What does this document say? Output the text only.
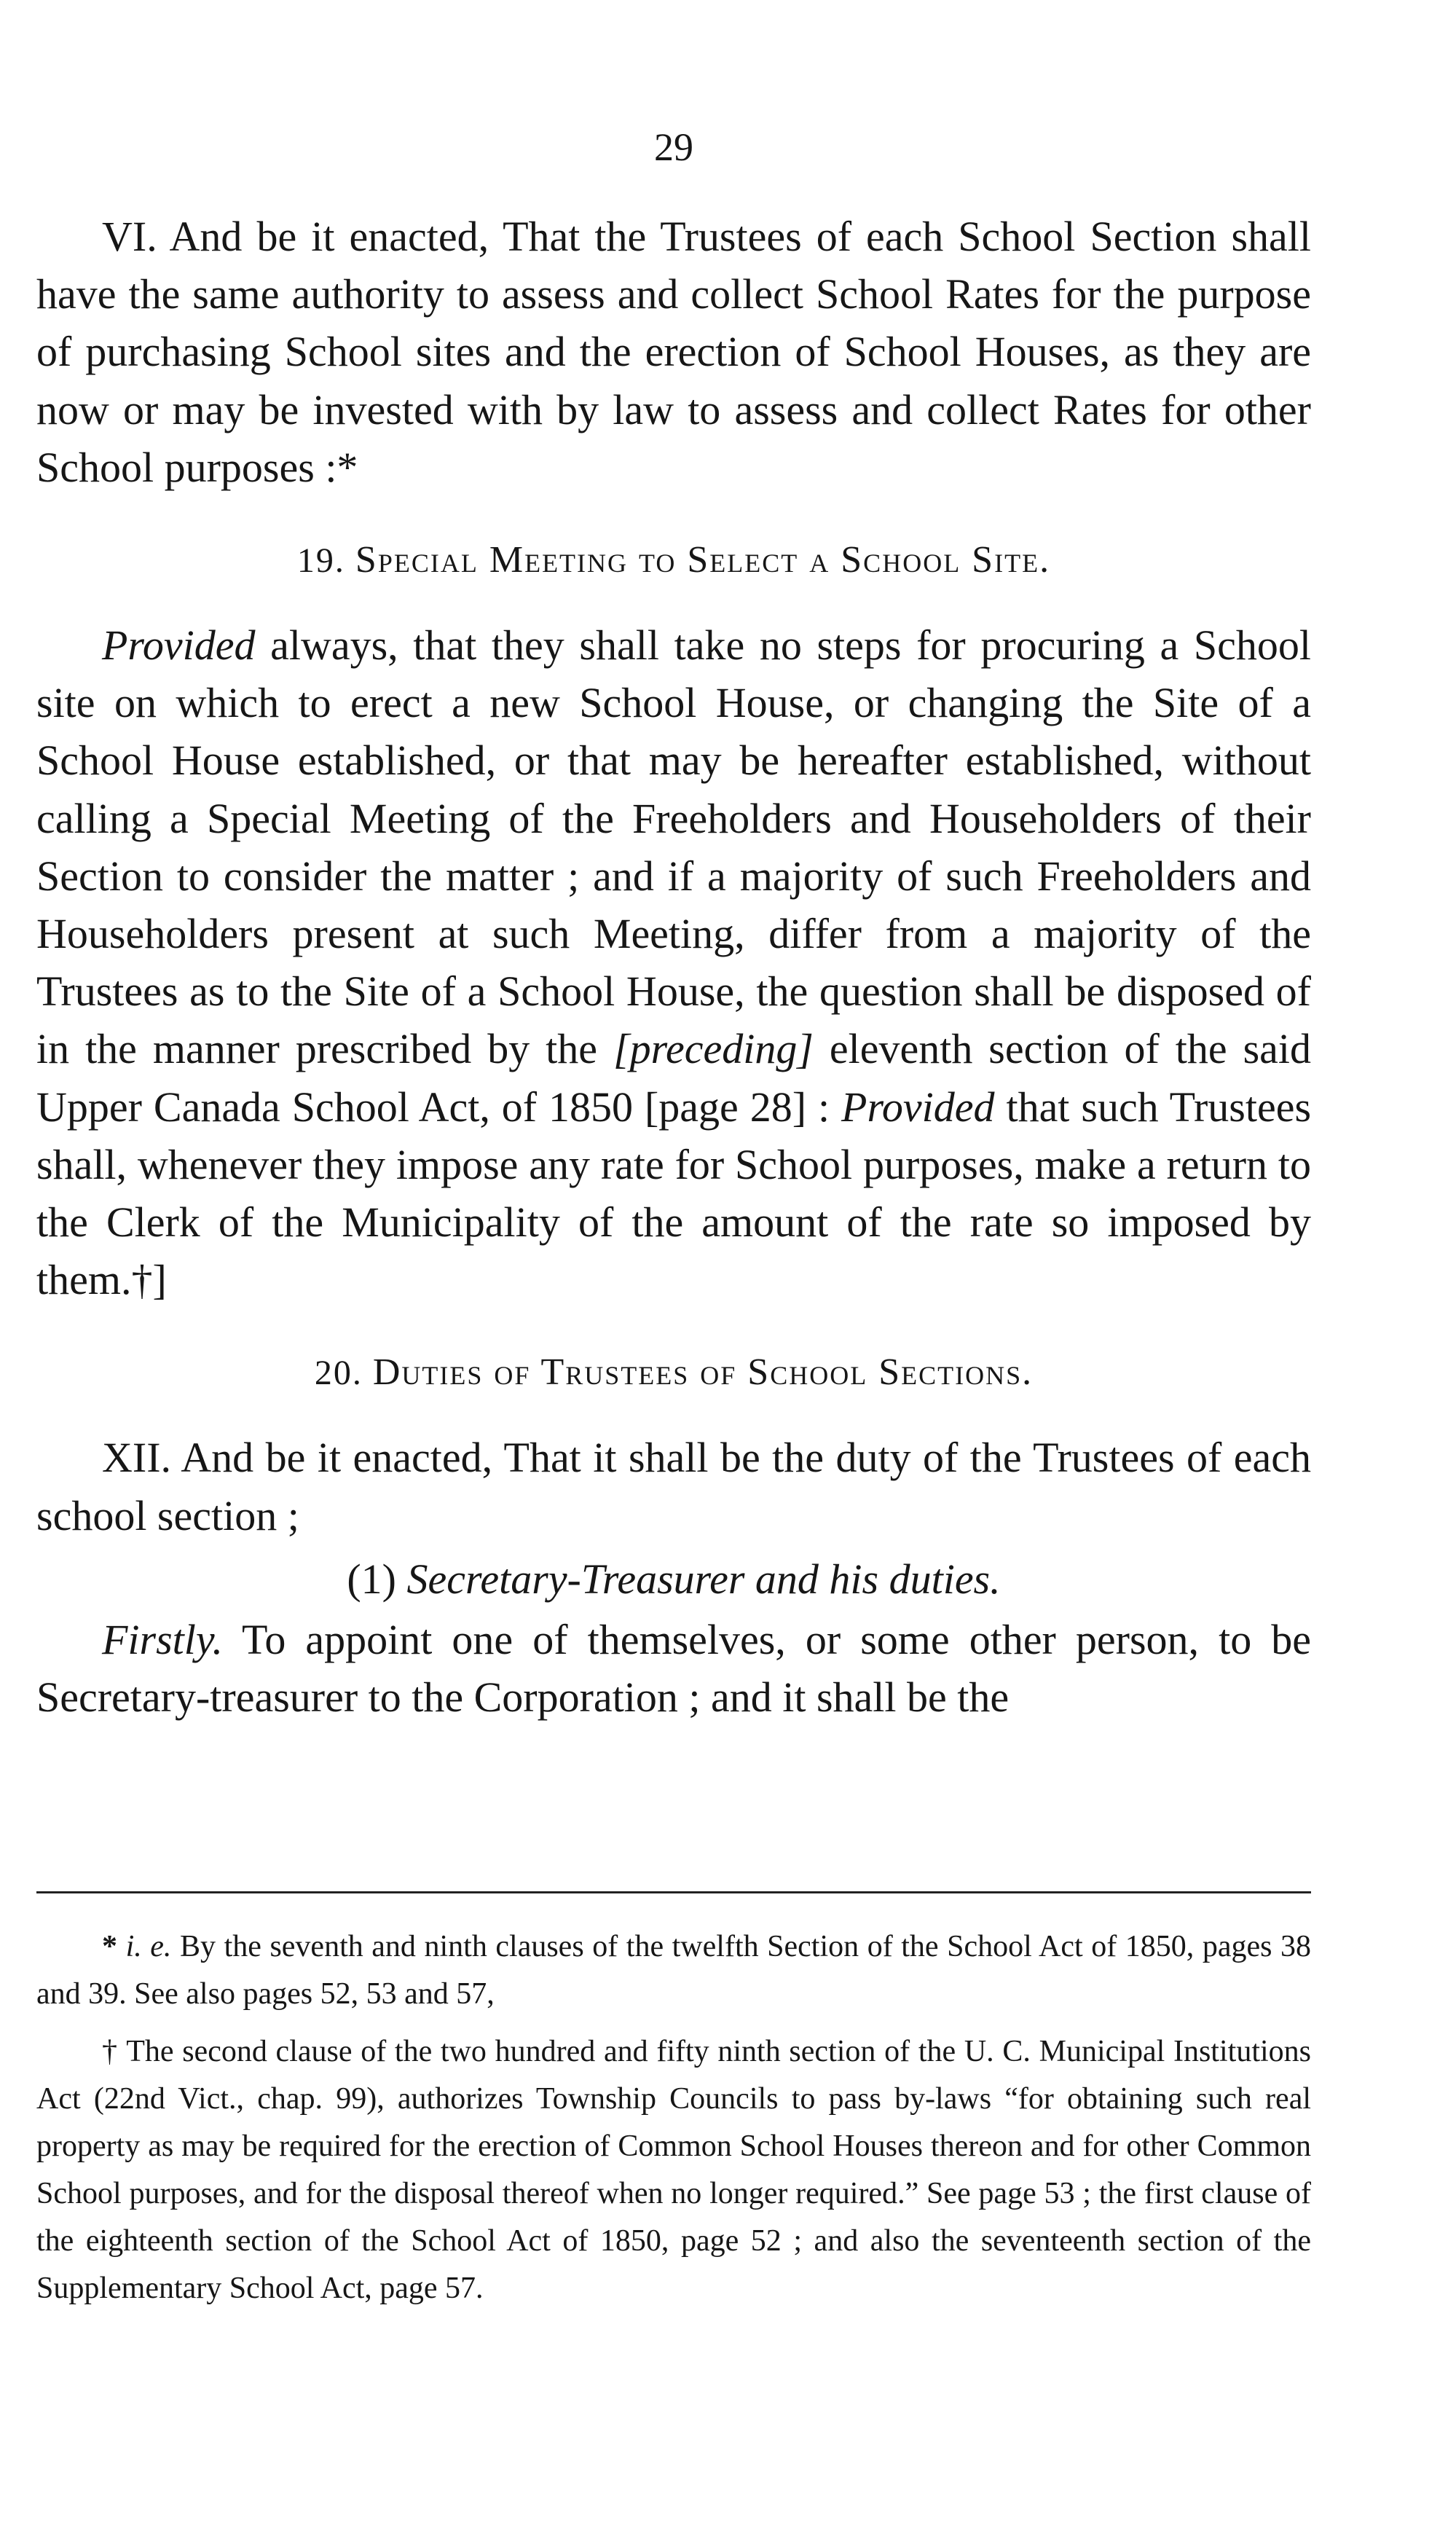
29

VI. And be it enacted, That the Trustees of each School Section shall have the same authority to assess and collect School Rates for the purpose of purchasing School sites and the erection of School Houses, as they are now or may be invested with by law to assess and collect Rates for other School purposes :*

19. Special Meeting to Select a School Site.

Provided always, that they shall take no steps for procuring a School site on which to erect a new School House, or changing the Site of a School House established, or that may be hereafter established, without calling a Special Meeting of the Freeholders and Householders of their Section to consider the matter ; and if a majority of such Freeholders and Householders present at such Meeting, differ from a majority of the Trustees as to the Site of a School House, the question shall be disposed of in the manner prescribed by the [preceding] eleventh section of the said Upper Canada School Act, of 1850 [page 28] : Provided that such Trustees shall, whenever they impose any rate for School purposes, make a return to the Clerk of the Municipality of the amount of the rate so imposed by them.†]

20. Duties of Trustees of School Sections.

XII. And be it enacted, That it shall be the duty of the Trustees of each school section ;

(1) Secretary-Treasurer and his duties.

Firstly. To appoint one of themselves, or some other person, to be Secretary-treasurer to the Corporation ; and it shall be the

* i. e. By the seventh and ninth clauses of the twelfth Section of the School Act of 1850, pages 38 and 39. See also pages 52, 53 and 57,

† The second clause of the two hundred and fifty ninth section of the U. C. Municipal Institutions Act (22nd Vict., chap. 99), authorizes Township Councils to pass by-laws “for obtaining such real property as may be required for the erection of Common School Houses thereon and for other Common School purposes, and for the disposal thereof when no longer required.” See page 53 ; the first clause of the eighteenth section of the School Act of 1850, page 52 ; and also the seventeenth section of the Supplementary School Act, page 57.
